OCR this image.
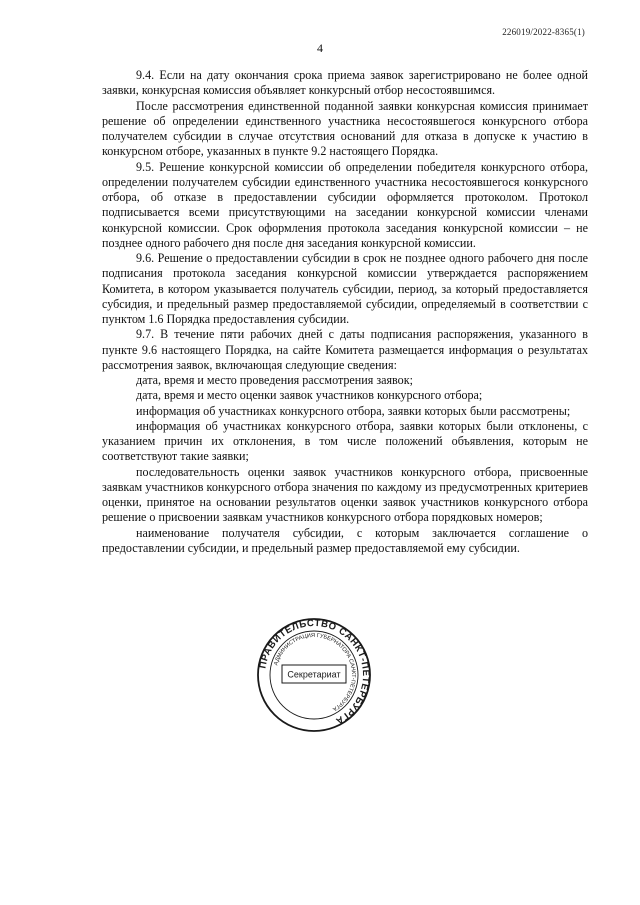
226019/2022-8365(1)
4

9.4. Если на дату окончания срока приема заявок зарегистрировано не более одной заявки, конкурсная комиссия объявляет конкурсный отбор несостоявшимся.

После рассмотрения единственной поданной заявки конкурсная комиссия принимает решение об определении единственного участника несостоявшегося конкурсного отбора получателем субсидии в случае отсутствия оснований для отказа в допуске к участию в конкурсном отборе, указанных в пункте 9.2 настоящего Порядка.

9.5. Решение конкурсной комиссии об определении победителя конкурсного отбора, определении получателем субсидии единственного участника несостоявшегося конкурсного отбора, об отказе в предоставлении субсидии оформляется протоколом. Протокол подписывается всеми присутствующими на заседании конкурсной комиссии членами конкурсной комиссии. Срок оформления протокола заседания конкурсной комиссии – не позднее одного рабочего дня после дня заседания конкурсной комиссии.

9.6. Решение о предоставлении субсидии в срок не позднее одного рабочего дня после подписания протокола заседания конкурсной комиссии утверждается распоряжением Комитета, в котором указывается получатель субсидии, период, за который предоставляется субсидия, и предельный размер предоставляемой субсидии, определяемый в соответствии с пунктом 1.6 Порядка предоставления субсидии.

9.7. В течение пяти рабочих дней с даты подписания распоряжения, указанного в пункте 9.6 настоящего Порядка, на сайте Комитета размещается информация о результатах рассмотрения заявок, включающая следующие сведения:

дата, время и место проведения рассмотрения заявок;

дата, время и место оценки заявок участников конкурсного отбора;

информация об участниках конкурсного отбора, заявки которых были рассмотрены;

информация об участниках конкурсного отбора, заявки которых были отклонены, с указанием причин их отклонения, в том числе положений объявления, которым не соответствуют такие заявки;

последовательность оценки заявок участников конкурсного отбора, присвоенные заявкам участников конкурсного отбора значения по каждому из предусмотренных критериев оценки, принятое на основании результатов оценки заявок участников конкурсного отбора решение о присвоении заявкам участников конкурсного отбора порядковых номеров;

наименование получателя субсидии, с которым заключается соглашение о предоставлении субсидии, и предельный размер предоставляемой ему субсидии.

ПРАВИТЕЛЬСТВО САНКТ-ПЕТЕРБУРГА
АДМИНИСТРАЦИЯ ГУБЕРНАТОРА САНКТ-ПЕТЕРБУРГА
Секретариат
